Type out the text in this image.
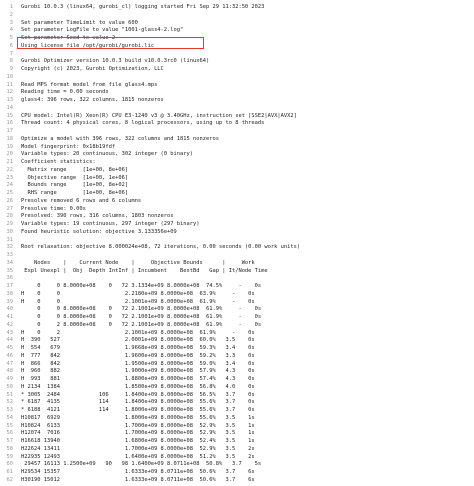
1 Gurobi 10.0.3 (linux64, gurobi_cl) logging started Fri Sep 29 11:32:50 2023
2
3 Set parameter TimeLimit to value 600
4 Set parameter LogFile to value "1001-glass4-2.log"
5 Set parameter Seed to value 2
6 Using license file /opt/gurobi/gurobi.lic
7
8 Gurobi Optimizer version 10.0.3 build v10.0.3rc0 (linux64)
9 Copyright (c) 2023, Gurobi Optimization, LLC
10
11 Read MPS format model from file glass4.mps
12 Reading time = 0.00 seconds
13 glass4: 396 rows, 322 columns, 1815 nonzeros
14
15 CPU model: Intel(R) Xeon(R) CPU E3-1240 v3 @ 3.40GHz, instruction set [SSE2|AVX|AVX2]
16 Thread count: 4 physical cores, 8 logical processors, using up to 8 threads
17
18 Optimize a model with 396 rows, 322 columns and 1815 nonzeros
19 Model fingerprint: 0x18b19fdf
20 Variable types: 20 continuous, 302 integer (0 binary)
21 Coefficient statistics:
22 Matrix range     [1e+00, 8e+06]
23 Objective range  [1e+00, 1e+06]
24 Bounds range     [1e+00, 8e+02]
25 RHS range        [1e+00, 8e+06]
26 Presolve removed 6 rows and 6 columns
27 Presolve time: 0.00s
28 Presolved: 390 rows, 316 columns, 1803 nonzeros
29 Variable types: 19 continuous, 297 integer (297 binary)
30 Found heuristic solution: objective 3.133356e+09
31
32 Root relaxation: objective 8.000024e+08, 72 iterations, 0.00 seconds (0.00 work units)
33
34 Nodes    |    Current Node    |     Objective Bounds      |     Work
35 Expl Unexpl |  Obj  Depth IntInf | Incumbent    BestBd   Gap | It/Node Time
36
37 0     0 8.0000e+08    0   72 3.1334e+09 8.0000e+08  74.5%     -    0s
38 H    0     0                    2.2180e+09 8.0000e+08  63.9%     -    0s
39 H    0     0                    2.1001e+09 8.0000e+08  61.9%     -    0s
40 0     0 8.0000e+08    0   72 2.1001e+09 8.0000e+08  61.9%     -    0s
41 0     0 8.0000e+08    0   72 2.1001e+09 8.0000e+08  61.9%     -    0s
42 0     2 8.0000e+08    0   72 2.1001e+09 8.0000e+08  61.9%     -    0s
43 H    0     2                    2.1001e+09 8.0000e+08  61.9%     -    0s
44 H  390   527                    2.0001e+09 8.0000e+08  60.0%   3.5    0s
45 H  554   679                    1.9668e+09 8.0000e+08  59.3%   3.4    0s
46 H  777   842                    1.9600e+09 8.0000e+08  59.2%   3.3    0s
47 H  866   842                    1.9500e+09 8.0000e+08  59.0%   3.4    0s
48 H  960   882                    1.9000e+09 8.0000e+08  57.9%   4.3    0s
49 H  993   881                    1.8800e+09 8.0000e+08  57.4%   4.3    0s
50 H 2134  1384                    1.8500e+09 8.0000e+08  56.8%   4.0    0s
51 * 3005  2484            106     1.8400e+09 8.0000e+08  56.5%   3.7    0s
52 * 6187  4135            114     1.8400e+09 8.0000e+08  55.6%   3.7    0s
53 * 6188  4121            114     1.8000e+09 8.0000e+08  55.6%   3.7    0s
54 H10817  6929                    1.8000e+09 8.0000e+08  55.6%   3.5    1s
55 H10824  6133                    1.7000e+09 8.0000e+08  52.9%   3.5    1s
56 H12074  7016                    1.7000e+09 8.0000e+08  52.9%   3.5    1s
57 H16618 13940                    1.6800e+09 8.0000e+08  52.4%   3.5    1s
58 H22624 13411                    1.7000e+09 8.0000e+08  52.9%   3.5    2s
59 H22935 12493                    1.6400e+09 8.0000e+08  51.2%   3.5    2s
60 29457 16113 1.2500e+09   90   98 1.6400e+09 8.0711e+08  50.8%   3.7    5s
61 H29534 15357                    1.6333e+09 8.0711e+08  50.6%   3.7    6s
62 H30190 15012                    1.6333e+09 8.0711e+08  50.6%   3.7    6s
